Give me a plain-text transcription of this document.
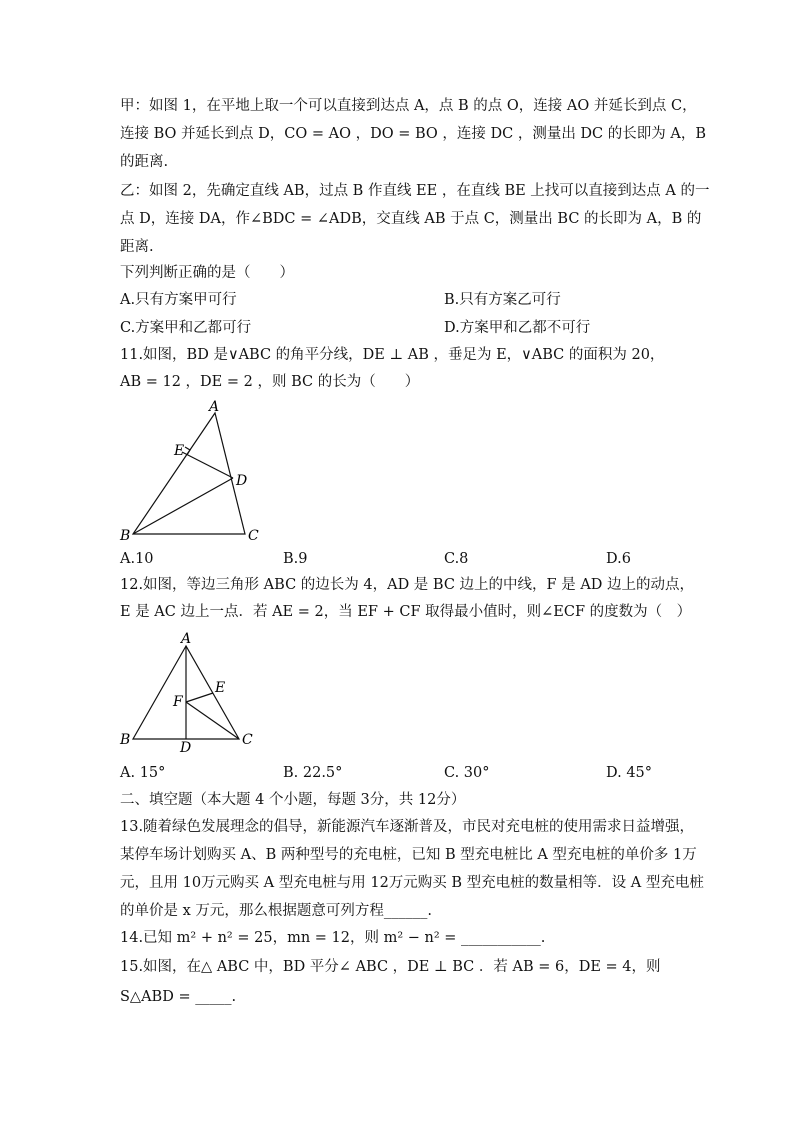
甲：如图 1，在平地上取一个可以直接到达点 A，点 B 的点 O，连接 AO 并延长到点 C，
连接 BO 并延长到点 D，CO = AO ，DO = BO ，连接 DC ，测量出 DC 的长即为 A，B
的距离.
乙：如图 2，先确定直线 AB，过点 B 作直线 EE ，在直线 BE 上找可以直接到达点 A 的一
点 D，连接 DA，作∠BDC = ∠ADB，交直线 AB 于点 C，测量出 BC 的长即为 A，B 的
距离.
下列判断正确的是（　　）
A.只有方案甲可行	B.只有方案乙可行
C.方案甲和乙都可行	D.方案甲和乙都不可行
11.如图，BD 是∨ABC 的角平分线，DE ⊥ AB ，垂足为 E，∨ABC 的面积为 20，
AB = 12 ，DE = 2 ，则 BC 的长为（　　）
A
E
D
B	C
A
E
F
B	D	C
A.10	B.9	C.8	D.6
12.如图，等边三角形 ABC 的边长为 4，AD 是 BC 边上的中线，F 是 AD 边上的动点，
E 是 AC 边上一点．若 AE = 2，当 EF + CF 取得最小值时，则∠ECF 的度数为（　）
A. 15°	B. 22.5°	C. 30°	D. 45°
二、填空题（本大题 4 个小题，每题 3分，共 12分）
13.随着绿色发展理念的倡导，新能源汽车逐渐普及，市民对充电桩的使用需求日益增强，
某停车场计划购买 A、B 两种型号的充电桩，已知 B 型充电桩比 A 型充电桩的单价多 1万
元，且用 10万元购买 A 型充电桩与用 12万元购买 B 型充电桩的数量相等．设 A 型充电桩
的单价是 x 万元，那么根据题意可列方程______.
14.已知 m² + n² = 25，mn = 12，则 m² − n² = ___________.
15.如图，在△ ABC 中，BD 平分∠ ABC ，DE ⊥ BC ．若 AB = 6，DE = 4，则
S△ABD = _____.
